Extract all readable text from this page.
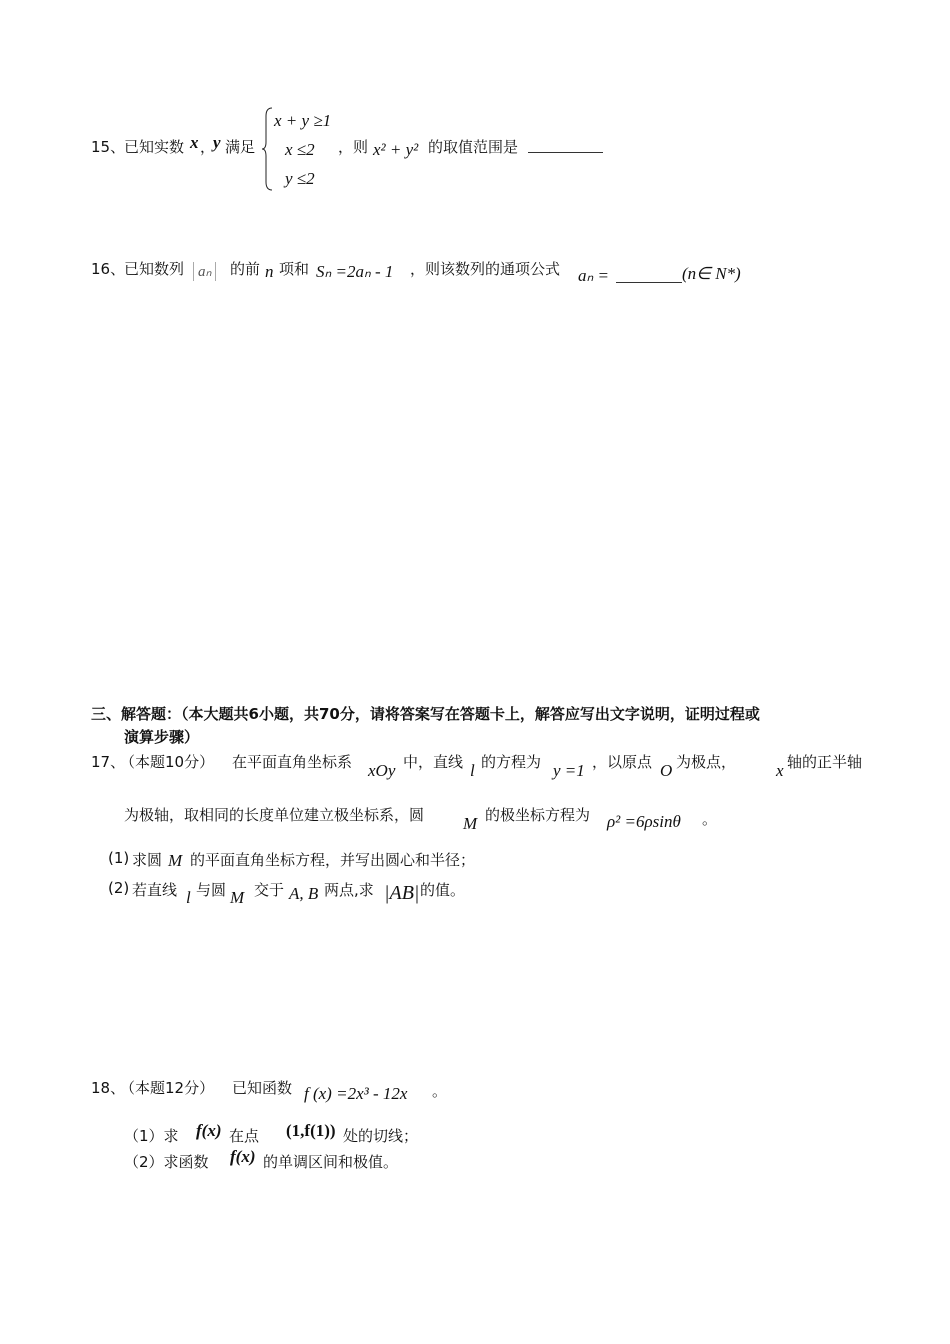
15、
已知实数 x ，
y 满足
x + y ≥1
x ≤2
y ≤2
，则 x² + y² 的取值范围是
16、
已知数列 aₙ	的前 n 项和 Sₙ =2aₙ - 1 ，则该数列的通项公式 aₙ =	(n∈ N*)
三、解答题：（本大题共6小题，共70分，请将答案写在答题卡上，解答应写出文字说明，证明过程或
演算步骤）
17、
（本题10分） 在平面直角坐标系 xOy 中，直线 l 的方程为 y =1 ，以原点 O 为极点， x 轴的正半轴
为极轴，取相同的长度单位建立极坐标系，圆 M 的极坐标方程为 ρ² =6ρsinθ 。
(1) 求圆 M 的平面直角坐标方程，并写出圆心和半径；
(2) 若直线 l 与圆 M 交于 A, B 两点,求 |AB| 的值。
18、
（本题12分） 已知函数 f (x) =2x³ - 12x 。
（1）求 f(x) 在点 (1,f(1)) 处的切线；
（2）求函数 f(x) 的单调区间和极值。
